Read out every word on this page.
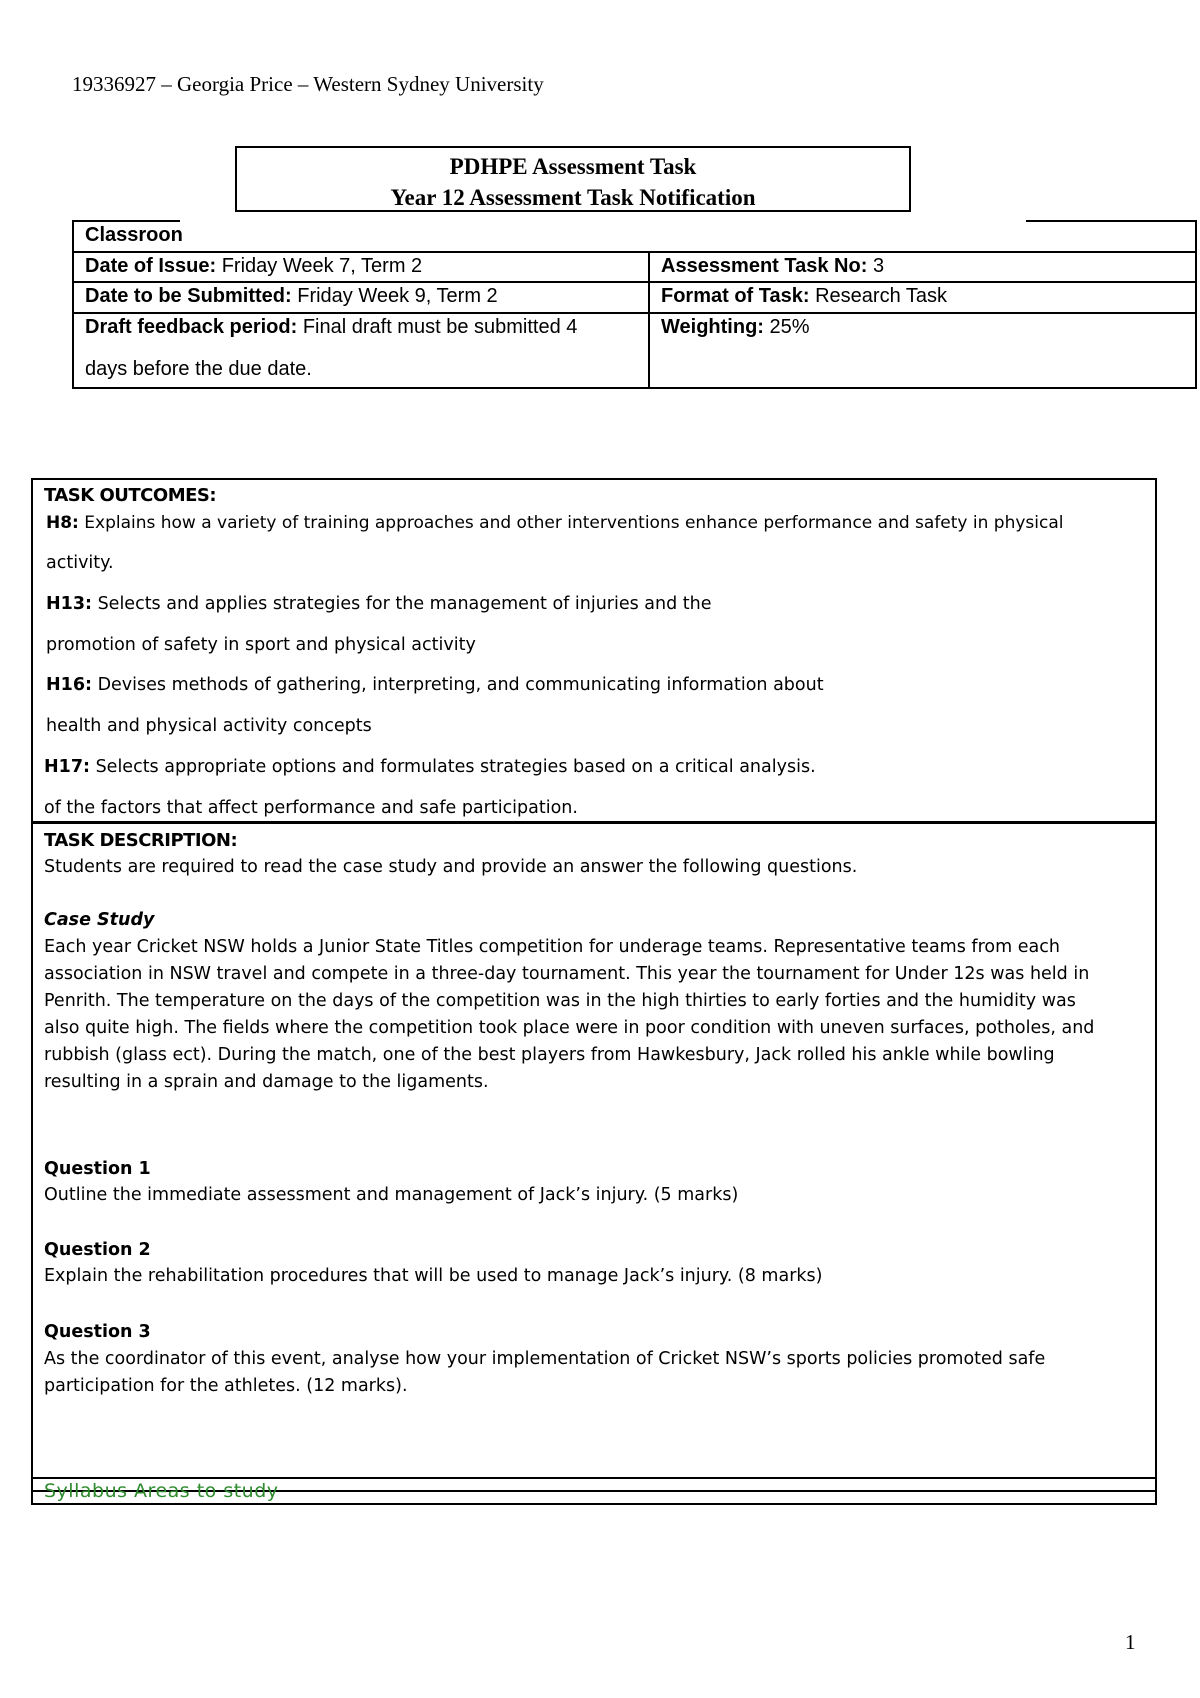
19336927 – Georgia Price – Western Sydney University
PDHPE Assessment Task
Year 12 Assessment Task Notification
Classroon
Date of Issue: Friday Week 7, Term 2	Assessment Task No: 3
Date to be Submitted: Friday Week 9, Term 2	Format of Task: Research Task
Draft feedback period: Final draft must be submitted 4
days before the due date.
Weighting: 25%
TASK OUTCOMES:
H8: Explains how a variety of training approaches and other interventions enhance performance and safety in physical
activity.
H13: Selects and applies strategies for the management of injuries and the
promotion of safety in sport and physical activity
H16: Devises methods of gathering, interpreting, and communicating information about
health and physical activity concepts
H17: Selects appropriate options and formulates strategies based on a critical analysis.
of the factors that affect performance and safe participation.
TASK DESCRIPTION:
Students are required to read the case study and provide an answer the following questions.
Case Study
Each year Cricket NSW holds a Junior State Titles competition for underage teams. Representative teams from each
association in NSW travel and compete in a three-day tournament. This year the tournament for Under 12s was held in
Penrith. The temperature on the days of the competition was in the high thirties to early forties and the humidity was
also quite high. The fields where the competition took place were in poor condition with uneven surfaces, potholes, and
rubbish (glass ect). During the match, one of the best players from Hawkesbury, Jack rolled his ankle while bowling
resulting in a sprain and damage to the ligaments.
Question 1
Outline the immediate assessment and management of Jack’s injury. (5 marks)
Question 2
Explain the rehabilitation procedures that will be used to manage Jack’s injury. (8 marks)
Question 3
As the coordinator of this event, analyse how your implementation of Cricket NSW’s sports policies promoted safe
participation for the athletes. (12 marks).
Syllabus Areas to study
1
